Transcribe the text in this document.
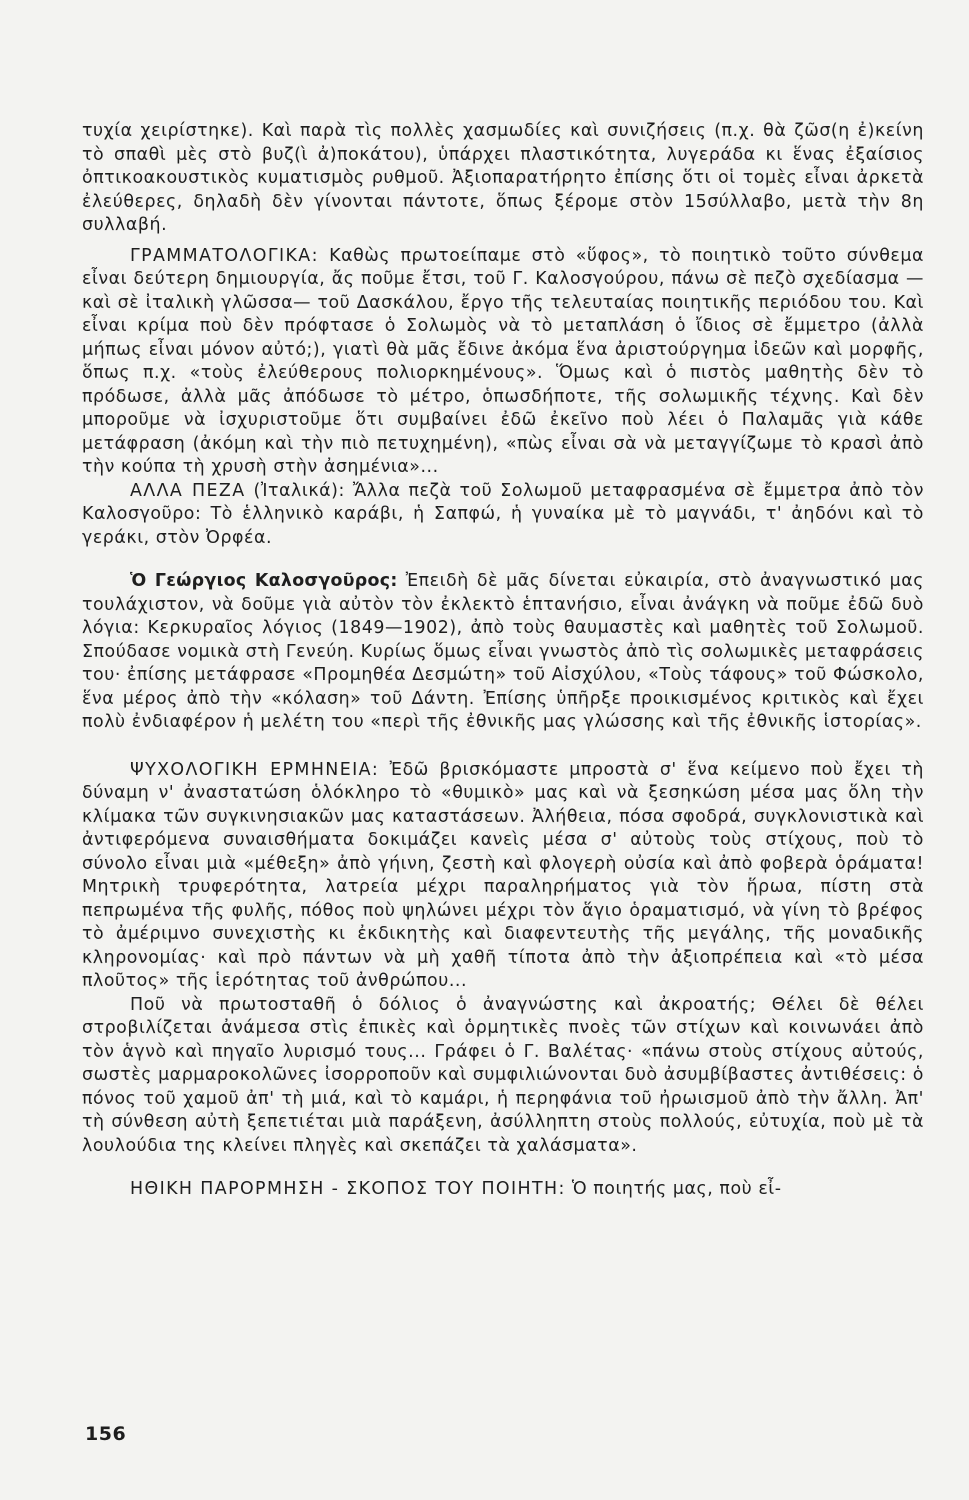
τυχία χειρίστηκε). Καὶ παρὰ τὶς πολλὲς χασμωδίες καὶ συνιζήσεις (π.χ. θὰ ζῶσ(η ἐ)κείνη τὸ σπαθὶ μὲς στὸ βυζ(ὶ ἀ)ποκάτου), ὑπάρχει πλαστικότητα, λυγεράδα κι ἕνας ἐξαίσιος ὀπτικοακουστικὸς κυματισμὸς ρυθμοῦ. Ἀξιοπαρατήρητο ἐπίσης ὅτι οἱ τομὲς εἶναι ἀρκετὰ ἐλεύθερες, δηλαδὴ δὲν γίνονται πάντοτε, ὅπως ξέρομε στὸν 15σύλλαβο, μετὰ τὴν 8η συλλαβή.

ΓΡΑΜΜΑΤΟΛΟΓΙΚΑ: Καθὼς πρωτοείπαμε στὸ «ὕφος», τὸ ποιητικὸ τοῦτο σύνθεμα εἶναι δεύτερη δημιουργία, ἄς ποῦμε ἔτσι, τοῦ Γ. Καλοσγούρου, πάνω σὲ πεζὸ σχεδίασμα —καὶ σὲ ἰταλικὴ γλῶσσα— τοῦ Δασκάλου, ἔργο τῆς τελευταίας ποιητικῆς περιόδου του. Καὶ εἶναι κρίμα ποὺ δὲν πρόφτασε ὁ Σολωμὸς νὰ τὸ μεταπλάση ὁ ἴδιος σὲ ἔμμετρο (ἀλλὰ μήπως εἶναι μόνον αὐτό;), γιατὶ θὰ μᾶς ἔδινε ἀκόμα ἕνα ἀριστούργημα ἰδεῶν καὶ μορφῆς, ὅπως π.χ. «τοὺς ἐλεύθερους πολιορκημένους». Ὅμως καὶ ὁ πιστὸς μαθητὴς δὲν τὸ πρόδωσε, ἀλλὰ μᾶς ἀπόδωσε τὸ μέτρο, ὁπωσδήποτε, τῆς σολωμικῆς τέχνης. Καὶ δὲν μποροῦμε νὰ ἰσχυριστοῦμε ὅτι συμβαίνει ἐδῶ ἐκεῖνο ποὺ λέει ὁ Παλαμᾶς γιὰ κάθε μετάφραση (ἀκόμη καὶ τὴν πιὸ πετυχημένη), «πὼς εἶναι σὰ νὰ μεταγγίζωμε τὸ κρασὶ ἀπὸ τὴν κούπα τὴ χρυσὴ στὴν ἀσημένια»...

ΑΛΛΑ ΠΕΖΑ (Ἰταλικά): Ἄλλα πεζὰ τοῦ Σολωμοῦ μεταφρασμένα σὲ ἔμμετρα ἀπὸ τὸν Καλοσγοῦρο: Τὸ ἑλληνικὸ καράβι, ἡ Σαπφώ, ἡ γυναίκα μὲ τὸ μαγνάδι, τ' ἀηδόνι καὶ τὸ γεράκι, στὸν Ὀρφέα.

Ὁ Γεώργιος Καλοσγοῦρος: Ἐπειδὴ δὲ μᾶς δίνεται εὐκαιρία, στὸ ἀναγνωστικό μας τουλάχιστον, νὰ δοῦμε γιὰ αὐτὸν τὸν ἐκλεκτὸ ἑπτανήσιο, εἶναι ἀνάγκη νὰ ποῦμε ἐδῶ δυὸ λόγια: Κερκυραῖος λόγιος (1849—1902), ἀπὸ τοὺς θαυμαστὲς καὶ μαθητὲς τοῦ Σολωμοῦ. Σπούδασε νομικὰ στὴ Γενεύη. Κυρίως ὅμως εἶναι γνωστὸς ἀπὸ τὶς σολωμικὲς μεταφράσεις του· ἐπίσης μετάφρασε «Προμηθέα Δεσμώτη» τοῦ Αἰσχύλου, «Τοὺς τάφους» τοῦ Φώσκολο, ἕνα μέρος ἀπὸ τὴν «κόλαση» τοῦ Δάντη. Ἐπίσης ὑπῆρξε προικισμένος κριτικὸς καὶ ἔχει πολὺ ἐνδιαφέρον ἡ μελέτη του «περὶ τῆς ἐθνικῆς μας γλώσσης καὶ τῆς ἐθνικῆς ἱστορίας».

ΨΥΧΟΛΟΓΙΚΗ ΕΡΜΗΝΕΙΑ: Ἐδῶ βρισκόμαστε μπροστὰ σ' ἕνα κείμενο ποὺ ἔχει τὴ δύναμη ν' ἀναστατώση ὁλόκληρο τὸ «θυμικὸ» μας καὶ νὰ ξεσηκώση μέσα μας ὅλη τὴν κλίμακα τῶν συγκινησιακῶν μας καταστάσεων. Ἀλήθεια, πόσα σφοδρά, συγκλονιστικὰ καὶ ἀντιφερόμενα συναισθήματα δοκιμάζει κανεὶς μέσα σ' αὐτοὺς τοὺς στίχους, ποὺ τὸ σύνολο εἶναι μιὰ «μέθεξη» ἀπὸ γήινη, ζεστὴ καὶ φλογερὴ οὐσία καὶ ἀπὸ φοβερὰ ὁράματα! Μητρικὴ τρυφερότητα, λατρεία μέχρι παραληρήματος γιὰ τὸν ἥρωα, πίστη στὰ πεπρωμένα τῆς φυλῆς, πόθος ποὺ ψηλώνει μέχρι τὸν ἅγιο ὁραματισμό, νὰ γίνη τὸ βρέφος τὸ ἀμέριμνο συνεχιστὴς κι ἐκδικητὴς καὶ διαφεντευτὴς τῆς μεγάλης, τῆς μοναδικῆς κληρονομίας· καὶ πρὸ πάντων νὰ μὴ χαθῆ τίποτα ἀπὸ τὴν ἀξιοπρέπεια καὶ «τὸ μέσα πλοῦτος» τῆς ἱερότητας τοῦ ἀνθρώπου...

Ποῦ νὰ πρωτοσταθῆ ὁ δόλιος ὁ ἀναγνώστης καὶ ἀκροατής; Θέλει δὲ θέλει στροβιλίζεται ἀνάμεσα στὶς ἐπικὲς καὶ ὁρμητικὲς πνοὲς τῶν στίχων καὶ κοινωνάει ἀπὸ τὸν ἁγνὸ καὶ πηγαῖο λυρισμό τους... Γράφει ὁ Γ. Βαλέτας· «πάνω στοὺς στίχους αὐτούς, σωστὲς μαρμαροκολῶνες ἰσορροποῦν καὶ συμφιλιώνονται δυὸ ἀσυμβίβαστες ἀντιθέσεις: ὁ πόνος τοῦ χαμοῦ ἀπ' τὴ μιά, καὶ τὸ καμάρι, ἡ περηφάνια τοῦ ἠρωισμοῦ ἀπὸ τὴν ἄλλη. Ἀπ' τὴ σύνθεση αὐτὴ ξεπετιέται μιὰ παράξενη, ἀσύλληπτη στοὺς πολλούς, εὐτυχία, ποὺ μὲ τὰ λουλούδια της κλείνει πληγὲς καὶ σκεπάζει τὰ χαλάσματα».

ΗΘΙΚΗ ΠΑΡΟΡΜΗΣΗ - ΣΚΟΠΟΣ ΤΟΥ ΠΟΙΗΤΗ: Ὁ ποιητής μας, ποὺ εἶ-

156
